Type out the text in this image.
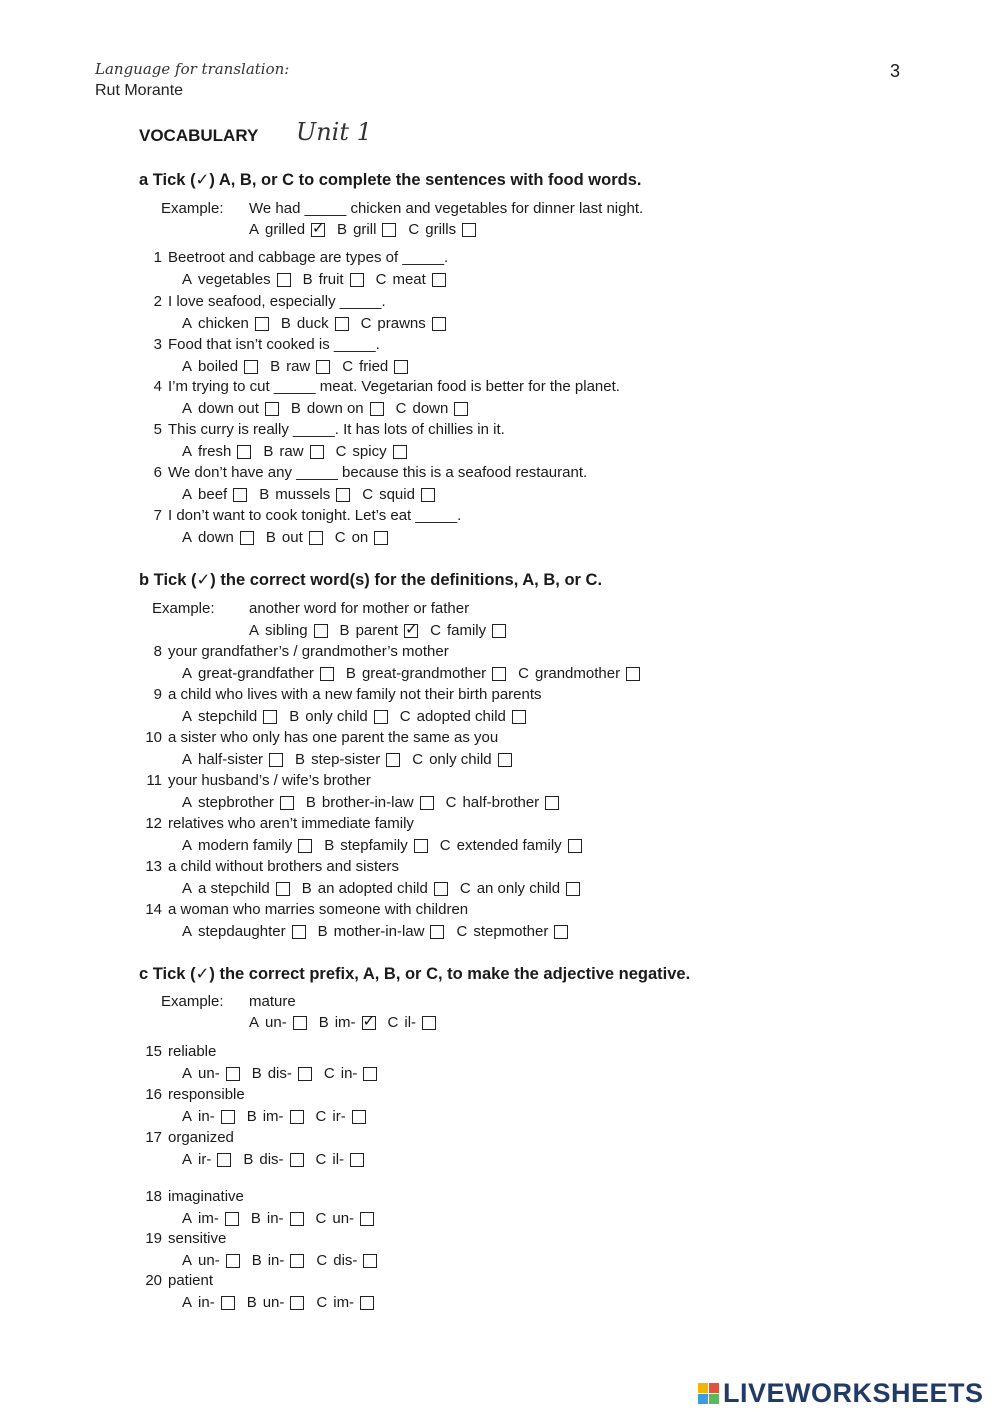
Language for translation:
Rut Morante
3
VOCABULARY Unit 1
a Tick (✓) A, B, or C to complete the sentences with food words.
Example: We had _____ chicken and vegetables for dinner last night.
A grilled ✓ B grill C grills
1 Beetroot and cabbage are types of _____.
A vegetables B fruit C meat
2 I love seafood, especially _____.
A chicken B duck C prawns
3 Food that isn’t cooked is _____.
A boiled B raw C fried
4 I’m trying to cut _____ meat. Vegetarian food is better for the planet.
A down out B down on C down
5 This curry is really _____. It has lots of chillies in it.
A fresh B raw C spicy
6 We don’t have any _____ because this is a seafood restaurant.
A beef B mussels C squid
7 I don’t want to cook tonight. Let’s eat _____.
A down B out C on
b Tick (✓) the correct word(s) for the definitions, A, B, or C.
Example: another word for mother or father
A sibling B parent ✓ C family
8 your grandfather’s / grandmother’s mother
A great-grandfather B great-grandmother C grandmother
9 a child who lives with a new family not their birth parents
A stepchild B only child C adopted child
10 a sister who only has one parent the same as you
A half-sister B step-sister C only child
11 your husband’s / wife’s brother
A stepbrother B brother-in-law C half-brother
12 relatives who aren’t immediate family
A modern family B stepfamily C extended family
13 a child without brothers and sisters
A a stepchild B an adopted child C an only child
14 a woman who marries someone with children
A stepdaughter B mother-in-law C stepmother
c Tick (✓) the correct prefix, A, B, or C, to make the adjective negative.
Example: mature
A un- B im- ✓ C il-
15 reliable
A un- B dis- C in-
16 responsible
A in- B im- C ir-
17 organized
A ir- B dis- C il-
18 imaginative
A im- B in- C un-
19 sensitive
A un- B in- C dis-
20 patient
A in- B un- C im-
LIVEWORKSHEETS
